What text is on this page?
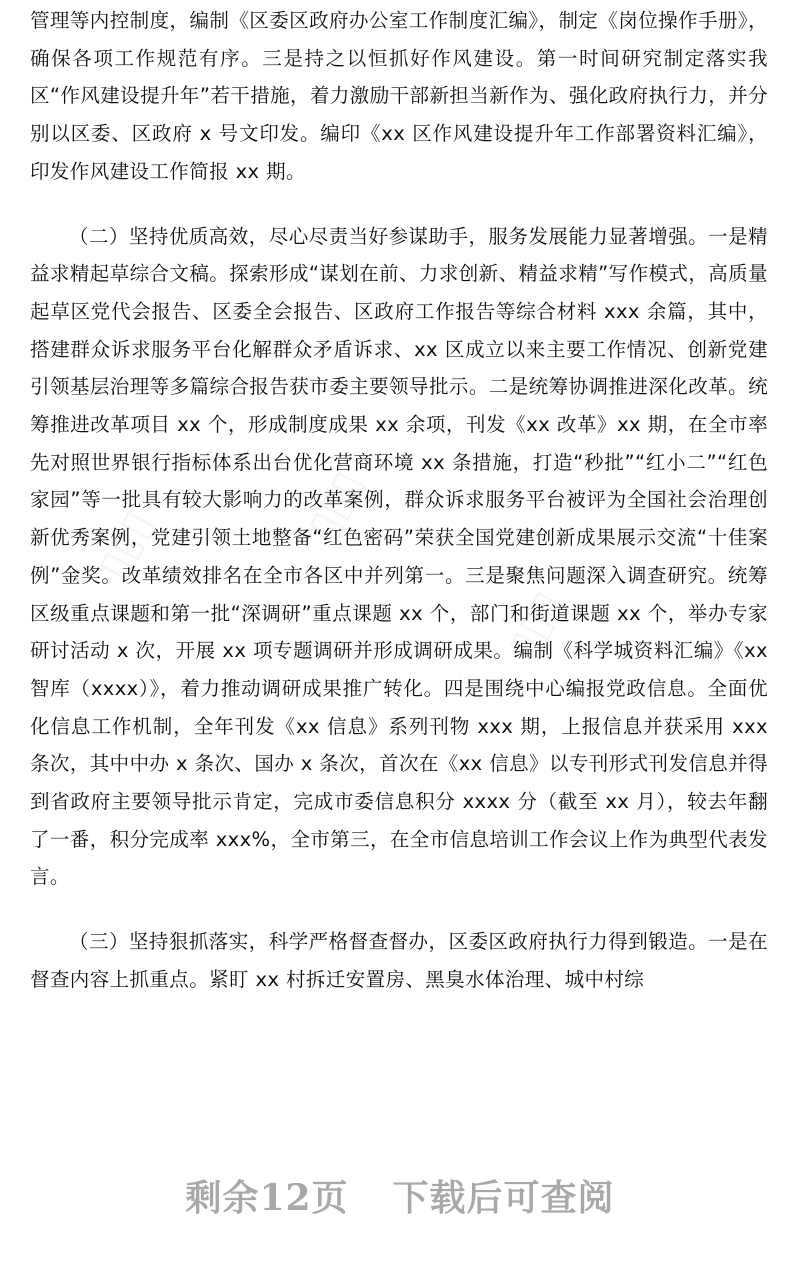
▯▯▯	▯▯▯
▯▯▯

管理等内控制度，编制《区委区政府办公室工作制度汇编》，制定《岗位操作手册》，确保各项工作规范有序。三是持之以恒抓好作风建设。第一时间研究制定落实我区“作风建设提升年”若干措施，着力激励干部新担当新作为、强化政府执行力，并分别以区委、区政府 x 号文印发。编印《xx 区作风建设提升年工作部署资料汇编》，印发作风建设工作简报 xx 期。

（二）坚持优质高效，尽心尽责当好参谋助手，服务发展能力显著增强。一是精益求精起草综合文稿。探索形成“谋划在前、力求创新、精益求精”写作模式，高质量起草区党代会报告、区委全会报告、区政府工作报告等综合材料 xxx 余篇，其中，搭建群众诉求服务平台化解群众矛盾诉求、xx 区成立以来主要工作情况、创新党建引领基层治理等多篇综合报告获市委主要领导批示。二是统筹协调推进深化改革。统筹推进改革项目 xx 个，形成制度成果 xx 余项，刊发《xx 改革》xx 期，在全市率先对照世界银行指标体系出台优化营商环境 xx 条措施，打造“秒批”“红小二”“红色家园”等一批具有较大影响力的改革案例，群众诉求服务平台被评为全国社会治理创新优秀案例，党建引领土地整备“红色密码”荣获全国党建创新成果展示交流“十佳案例”金奖。改革绩效排名在全市各区中并列第一。三是聚焦问题深入调查研究。统筹区级重点课题和第一批“深调研”重点课题 xx 个，部门和街道课题 xx 个，举办专家研讨活动 x 次，开展 xx 项专题调研并形成调研成果。编制《科学城资料汇编》《xx 智库（xxxx）》，着力推动调研成果推广转化。四是围绕中心编报党政信息。全面优化信息工作机制，全年刊发《xx 信息》系列刊物 xxx 期，上报信息并获采用 xxx 条次，其中中办 x 条次、国办 x 条次，首次在《xx 信息》以专刊形式刊发信息并得到省政府主要领导批示肯定，完成市委信息积分 xxxx 分（截至 xx 月），较去年翻了一番，积分完成率 xxx%，全市第三，在全市信息培训工作会议上作为典型代表发言。

（三）坚持狠抓落实，科学严格督查督办，区委区政府执行力得到锻造。一是在督查内容上抓重点。紧盯 xx 村拆迁安置房、黑臭水体治理、城中村综

剩余12页 下载后可查阅
